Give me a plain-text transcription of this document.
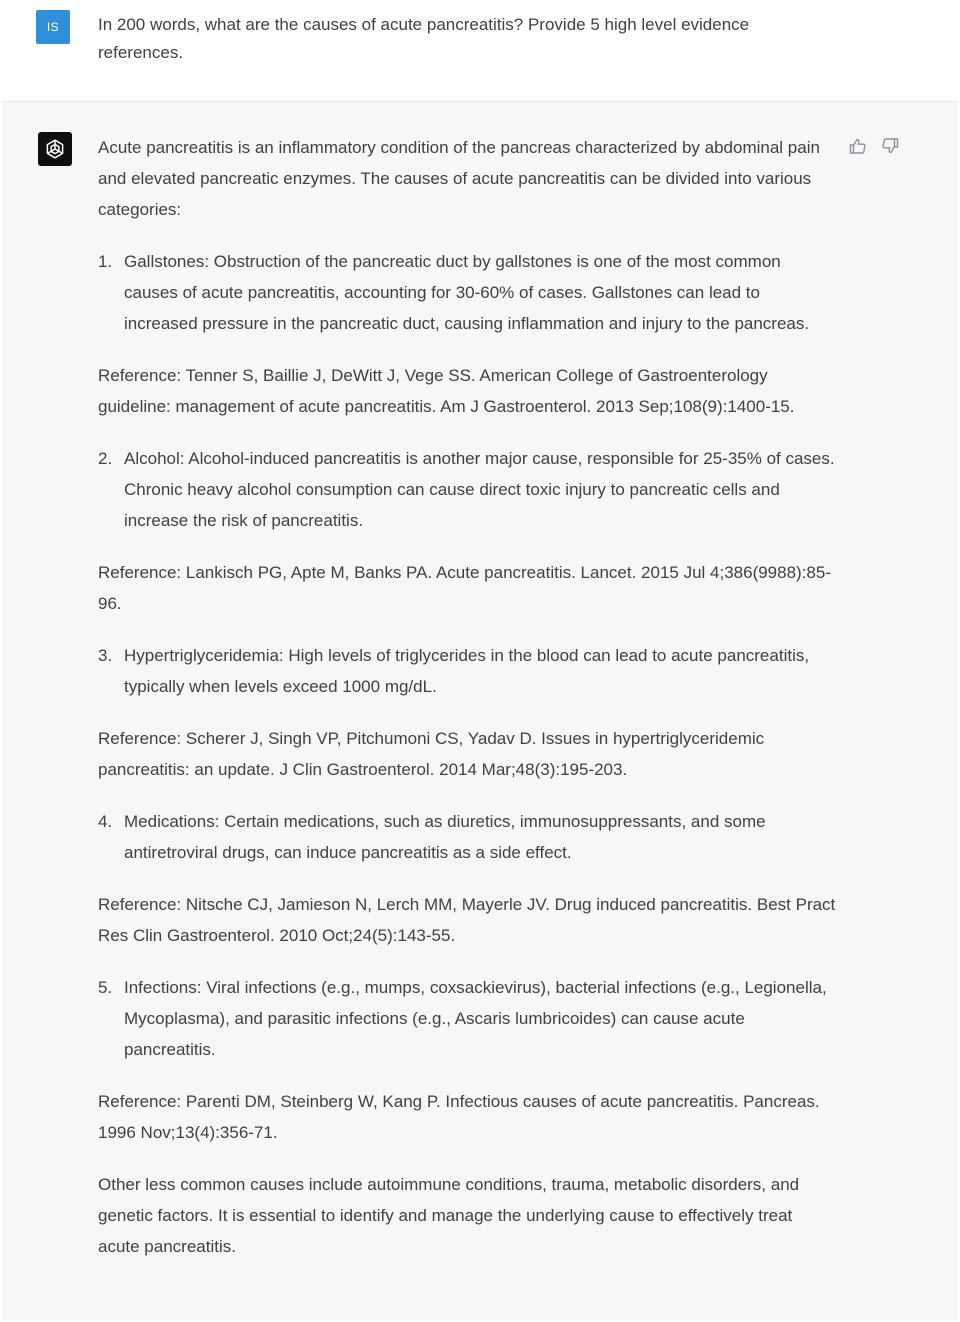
IS	In 200 words, what are the causes of acute pancreatitis? Provide 5 high level evidence references.

Acute pancreatitis is an inflammatory condition of the pancreas characterized by abdominal pain and elevated pancreatic enzymes. The causes of acute pancreatitis can be divided into various categories:

1. Gallstones: Obstruction of the pancreatic duct by gallstones is one of the most common causes of acute pancreatitis, accounting for 30-60% of cases. Gallstones can lead to increased pressure in the pancreatic duct, causing inflammation and injury to the pancreas.

Reference: Tenner S, Baillie J, DeWitt J, Vege SS. American College of Gastroenterology guideline: management of acute pancreatitis. Am J Gastroenterol. 2013 Sep;108(9):1400-15.

2. Alcohol: Alcohol-induced pancreatitis is another major cause, responsible for 25-35% of cases. Chronic heavy alcohol consumption can cause direct toxic injury to pancreatic cells and increase the risk of pancreatitis.

Reference: Lankisch PG, Apte M, Banks PA. Acute pancreatitis. Lancet. 2015 Jul 4;386(9988):85-96.

3. Hypertriglyceridemia: High levels of triglycerides in the blood can lead to acute pancreatitis, typically when levels exceed 1000 mg/dL.

Reference: Scherer J, Singh VP, Pitchumoni CS, Yadav D. Issues in hypertriglyceridemic pancreatitis: an update. J Clin Gastroenterol. 2014 Mar;48(3):195-203.

4. Medications: Certain medications, such as diuretics, immunosuppressants, and some antiretroviral drugs, can induce pancreatitis as a side effect.

Reference: Nitsche CJ, Jamieson N, Lerch MM, Mayerle JV. Drug induced pancreatitis. Best Pract Res Clin Gastroenterol. 2010 Oct;24(5):143-55.

5. Infections: Viral infections (e.g., mumps, coxsackievirus), bacterial infections (e.g., Legionella, Mycoplasma), and parasitic infections (e.g., Ascaris lumbricoides) can cause acute pancreatitis.

Reference: Parenti DM, Steinberg W, Kang P. Infectious causes of acute pancreatitis. Pancreas. 1996 Nov;13(4):356-71.

Other less common causes include autoimmune conditions, trauma, metabolic disorders, and genetic factors. It is essential to identify and manage the underlying cause to effectively treat acute pancreatitis.
